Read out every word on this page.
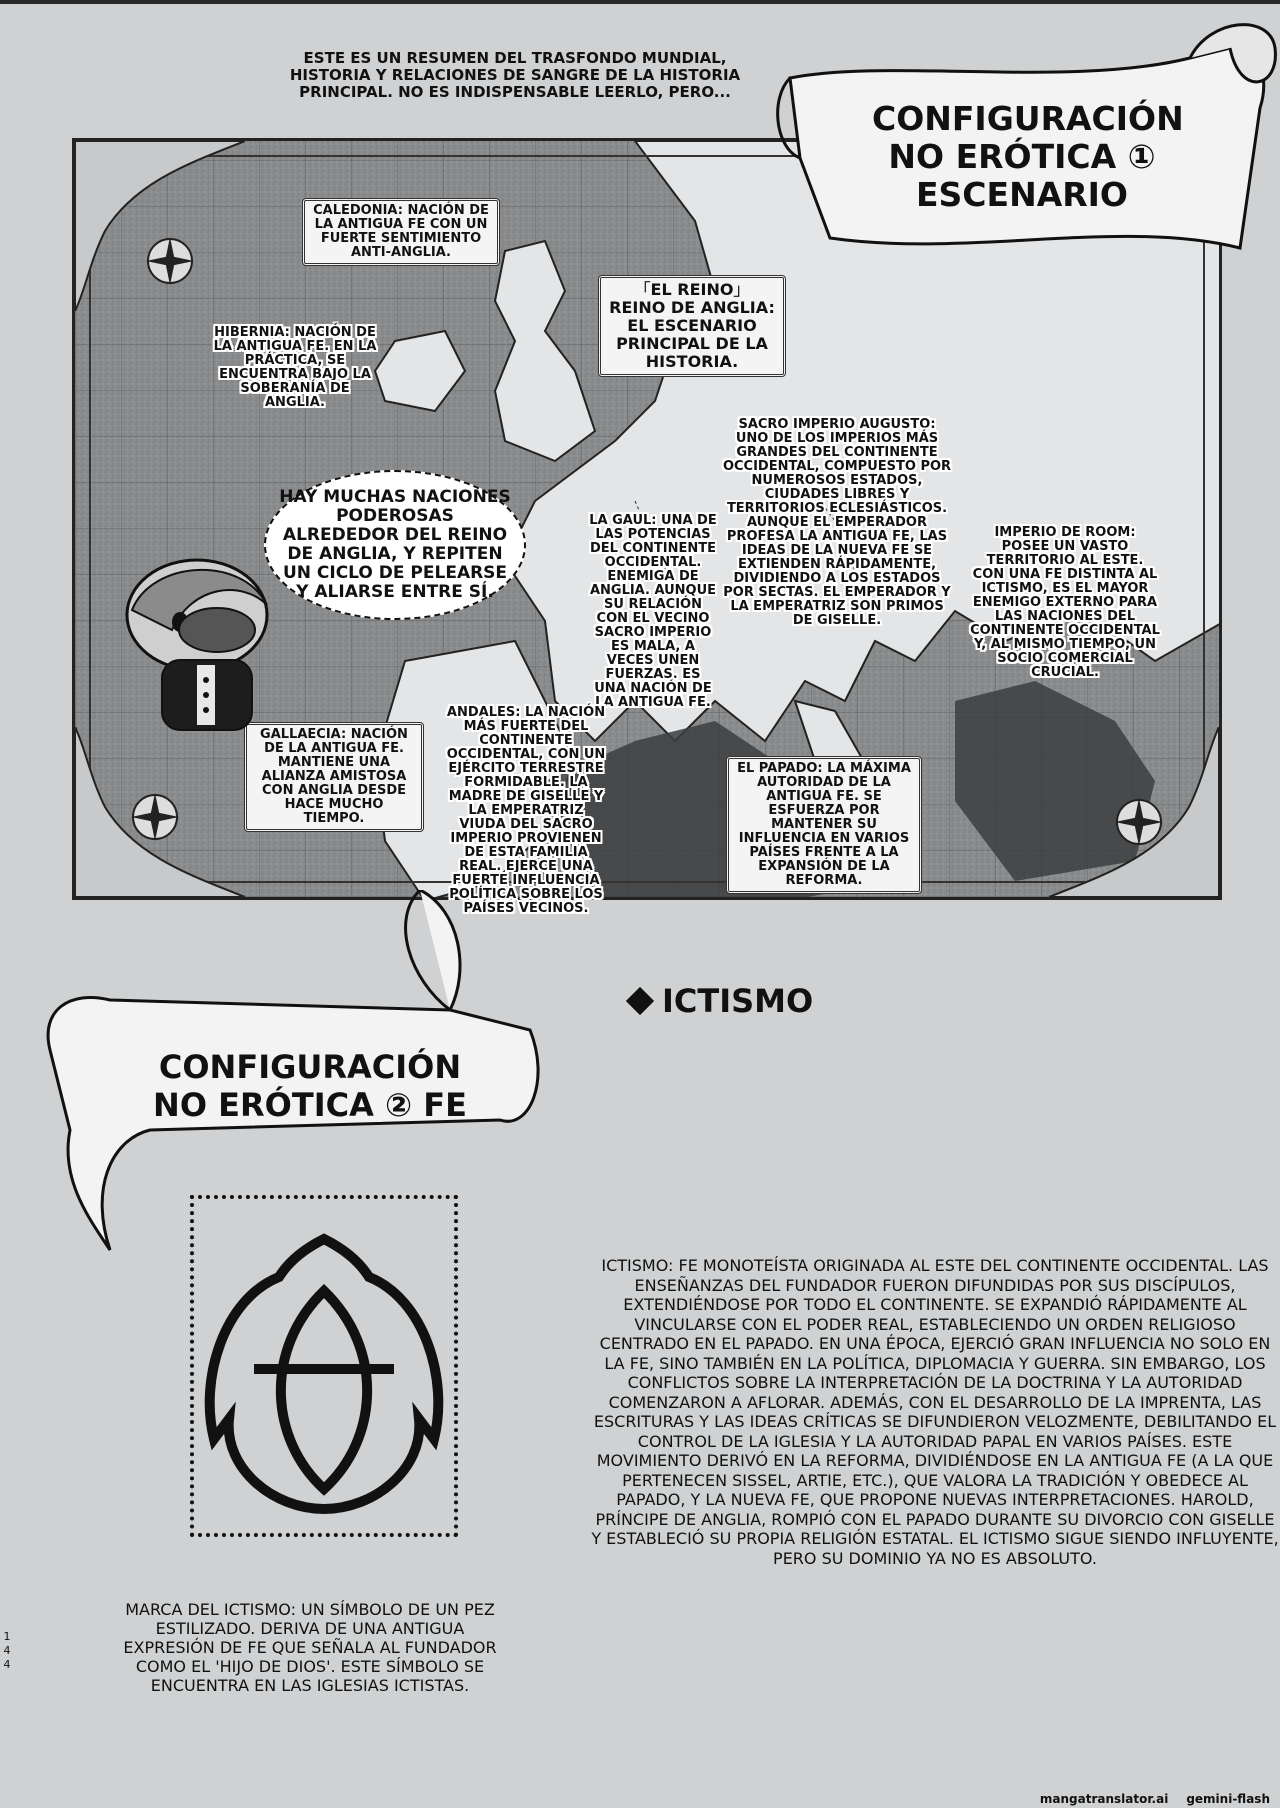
ESTE ES UN RESUMEN DEL TRASFONDO MUNDIAL, HISTORIA Y RELACIONES DE SANGRE DE LA HISTORIA PRINCIPAL. NO ES INDISPENSABLE LEERLO, PERO...
CALEDONIA: NACIÓN DE LA ANTIGUA FE CON UN FUERTE SENTIMIENTO ANTI-ANGLIA.
「EL REINO」 REINO DE ANGLIA: EL ESCENARIO PRINCIPAL DE LA HISTORIA.
HIBERNIA: NACIÓN DE LA ANTIGUA FE. EN LA PRÁCTICA, SE ENCUENTRA BAJO LA SOBERANÍA DE ANGLIA.
SACRO IMPERIO AUGUSTO: UNO DE LOS IMPERIOS MÁS GRANDES DEL CONTINENTE OCCIDENTAL, COMPUESTO POR NUMEROSOS ESTADOS, CIUDADES LIBRES Y TERRITORIOS ECLESIÁSTICOS. AUNQUE EL EMPERADOR PROFESA LA ANTIGUA FE, LAS IDEAS DE LA NUEVA FE SE EXTIENDEN RÁPIDAMENTE, DIVIDIENDO A LOS ESTADOS POR SECTAS. EL EMPERADOR Y LA EMPERATRIZ SON PRIMOS DE GISELLE.
LA GAUL: UNA DE LAS POTENCIAS DEL CONTINENTE OCCIDENTAL. ENEMIGA DE ANGLIA. AUNQUE SU RELACIÓN CON EL VECINO SACRO IMPERIO ES MALA, A VECES UNEN FUERZAS. ES UNA NACIÓN DE LA ANTIGUA FE.
IMPERIO DE ROOM: POSEE UN VASTO TERRITORIO AL ESTE. CON UNA FE DISTINTA AL ICTISMO, ES EL MAYOR ENEMIGO EXTERNO PARA LAS NACIONES DEL CONTINENTE OCCIDENTAL Y, AL MISMO TIEMPO, UN SOCIO COMERCIAL CRUCIAL.
GALLAECIA: NACIÓN DE LA ANTIGUA FE. MANTIENE UNA ALIANZA AMISTOSA CON ANGLIA DESDE HACE MUCHO TIEMPO.
ANDALES: LA NACIÓN MÁS FUERTE DEL CONTINENTE OCCIDENTAL, CON UN EJÉRCITO TERRESTRE FORMIDABLE. LA MADRE DE GISELLE Y LA EMPERATRIZ VIUDA DEL SACRO IMPERIO PROVIENEN DE ESTA FAMILIA REAL. EJERCE UNA FUERTE INFLUENCIA POLÍTICA SOBRE LOS PAÍSES VECINOS.
EL PAPADO: LA MÁXIMA AUTORIDAD DE LA ANTIGUA FE. SE ESFUERZA POR MANTENER SU INFLUENCIA EN VARIOS PAÍSES FRENTE A LA EXPANSIÓN DE LA REFORMA.
HAY MUCHAS NACIONES PODEROSAS ALREDEDOR DEL REINO DE ANGLIA, Y REPITEN UN CICLO DE PELEARSE Y ALIARSE ENTRE SÍ.
CONFIGURACIÓN
NO ERÓTICA ①
ESCENARIO
CONFIGURACIÓN
NO ERÓTICA ② FE
ICTISMO
MARCA DEL ICTISMO: UN SÍMBOLO DE UN PEZ ESTILIZADO. DERIVA DE UNA ANTIGUA EXPRESIÓN DE FE QUE SEÑALA AL FUNDADOR COMO EL 'HIJO DE DIOS'. ESTE SÍMBOLO SE ENCUENTRA EN LAS IGLESIAS ICTISTAS.
ICTISMO: FE MONOTEÍSTA ORIGINADA AL ESTE DEL CONTINENTE OCCIDENTAL. LAS ENSEÑANZAS DEL FUNDADOR FUERON DIFUNDIDAS POR SUS DISCÍPULOS, EXTENDIÉNDOSE POR TODO EL CONTINENTE. SE EXPANDIÓ RÁPIDAMENTE AL VINCULARSE CON EL PODER REAL, ESTABLECIENDO UN ORDEN RELIGIOSO CENTRADO EN EL PAPADO. EN UNA ÉPOCA, EJERCIÓ GRAN INFLUENCIA NO SOLO EN LA FE, SINO TAMBIÉN EN LA POLÍTICA, DIPLOMACIA Y GUERRA. SIN EMBARGO, LOS CONFLICTOS SOBRE LA INTERPRETACIÓN DE LA DOCTRINA Y LA AUTORIDAD COMENZARON A AFLORAR. ADEMÁS, CON EL DESARROLLO DE LA IMPRENTA, LAS ESCRITURAS Y LAS IDEAS CRÍTICAS SE DIFUNDIERON VELOZMENTE, DEBILITANDO EL CONTROL DE LA IGLESIA Y LA AUTORIDAD PAPAL EN VARIOS PAÍSES. ESTE MOVIMIENTO DERIVÓ EN LA REFORMA, DIVIDIÉNDOSE EN LA ANTIGUA FE (A LA QUE PERTENECEN SISSEL, ARTIE, ETC.), QUE VALORA LA TRADICIÓN Y OBEDECE AL PAPADO, Y LA NUEVA FE, QUE PROPONE NUEVAS INTERPRETACIONES. HAROLD, PRÍNCIPE DE ANGLIA, ROMPIÓ CON EL PAPADO DURANTE SU DIVORCIO CON GISELLE Y ESTABLECIÓ SU PROPIA RELIGIÓN ESTATAL. EL ICTISMO SIGUE SIENDO INFLUYENTE, PERO SU DOMINIO YA NO ES ABSOLUTO.
1
4
4
mangatranslator.ai gemini-flash
